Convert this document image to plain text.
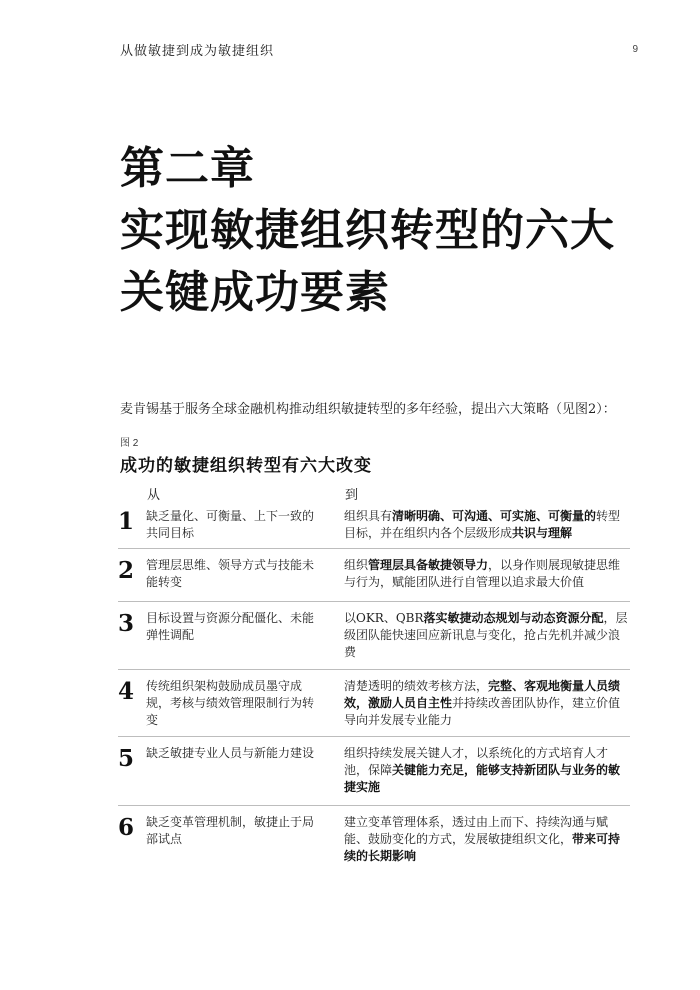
从做敏捷到成为敏捷组织	9
第二章
实现敏捷组织转型的六大
关键成功要素

麦肯锡基于服务全球金融机构推动组织敏捷转型的多年经验，提出六大策略（见图2）：

图 2
成功的敏捷组织转型有六大改变
从	到
1 缺乏量化、可衡量、上下一致的共同目标
组织具有清晰明确、可沟通、可实施、可衡量的转型目标，并在组织内各个层级形成共识与理解
2 管理层思维、领导方式与技能未能转变
组织管理层具备敏捷领导力，以身作则展现敏捷思维与行为，赋能团队进行自管理以追求最大价值
3 目标设置与资源分配僵化、未能弹性调配
以OKR、QBR落实敏捷动态规划与动态资源分配，层级团队能快速回应新讯息与变化，抢占先机并减少浪费
4 传统组织架构鼓励成员墨守成规，考核与绩效管理限制行为转变
清楚透明的绩效考核方法，完整、客观地衡量人员绩效，激励人员自主性并持续改善团队协作，建立价值导向并发展专业能力
5 缺乏敏捷专业人员与新能力建设 组织持续发展关键人才，以系统化的方式培育人才池，保障关键能力充足，能够支持新团队与业务的敏捷实施
6 缺乏变革管理机制，敏捷止于局部试点
建立变革管理体系，透过由上而下、持续沟通与赋能、鼓励变化的方式，发展敏捷组织文化，带来可持续的长期影响
